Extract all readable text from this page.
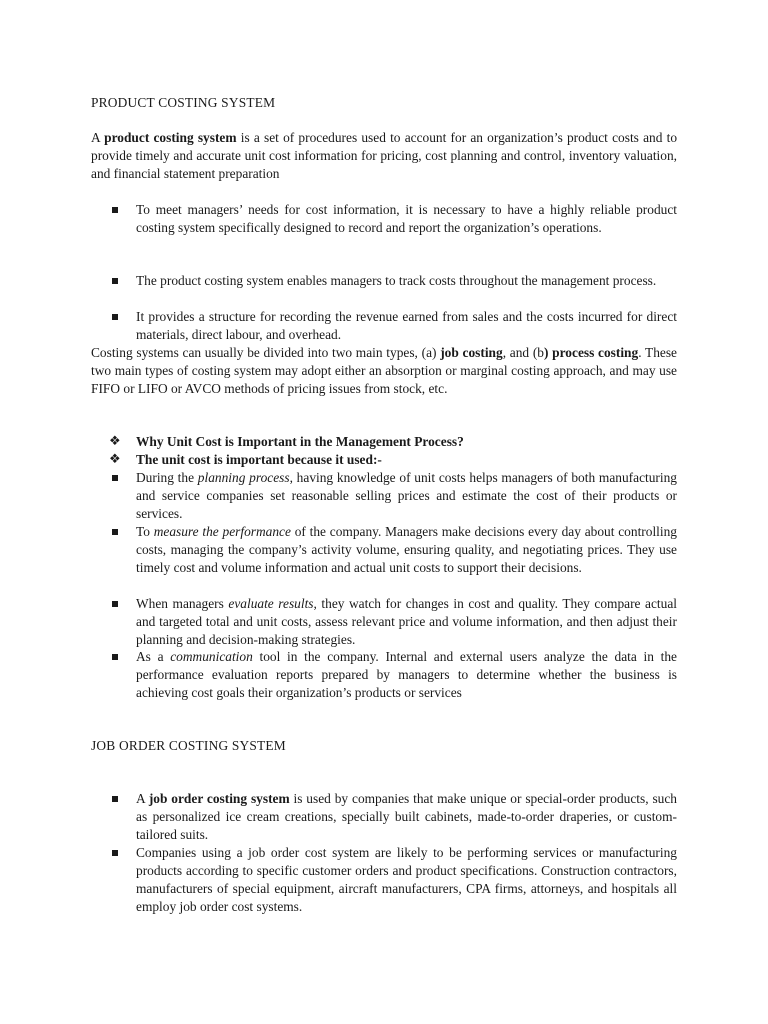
PRODUCT COSTING SYSTEM

A product costing system is a set of procedures used to account for an organization’s product costs and to provide timely and accurate unit cost information for pricing, cost planning and control, inventory valuation, and financial statement preparation

To meet managers’ needs for cost information, it is necessary to have a highly reliable product costing system specifically designed to record and report the organization’s operations.

The product costing system enables managers to track costs throughout the management process.

It provides a structure for recording the revenue earned from sales and the costs incurred for direct materials, direct labour, and overhead.

Costing systems can usually be divided into two main types, (a) job costing, and (b) process costing. These two main types of costing system may adopt either an absorption or marginal costing approach, and may use FIFO or LIFO or AVCO methods of pricing issues from stock, etc.

❖ Why Unit Cost is Important in the Management Process?

❖ The unit cost is important because it used:-

During the planning process, having knowledge of unit costs helps managers of both manufacturing and service companies set reasonable selling prices and estimate the cost of their products or services.

To measure the performance of the company. Managers make decisions every day about controlling costs, managing the company’s activity volume, ensuring quality, and negotiating prices. They use timely cost and volume information and actual unit costs to support their decisions.

When managers evaluate results, they watch for changes in cost and quality. They compare actual and targeted total and unit costs, assess relevant price and volume information, and then adjust their planning and decision-making strategies.

As a communication tool in the company. Internal and external users analyze the data in the performance evaluation reports prepared by managers to determine whether the business is achieving cost goals their organization’s products or services

JOB ORDER COSTING SYSTEM

A job order costing system is used by companies that make unique or special-order products, such as personalized ice cream creations, specially built cabinets, made-to-order draperies, or custom-tailored suits.

Companies using a job order cost system are likely to be performing services or manufacturing products according to specific customer orders and product specifications. Construction contractors, manufacturers of special equipment, aircraft manufacturers, CPA firms, attorneys, and hospitals all employ job order cost systems.
